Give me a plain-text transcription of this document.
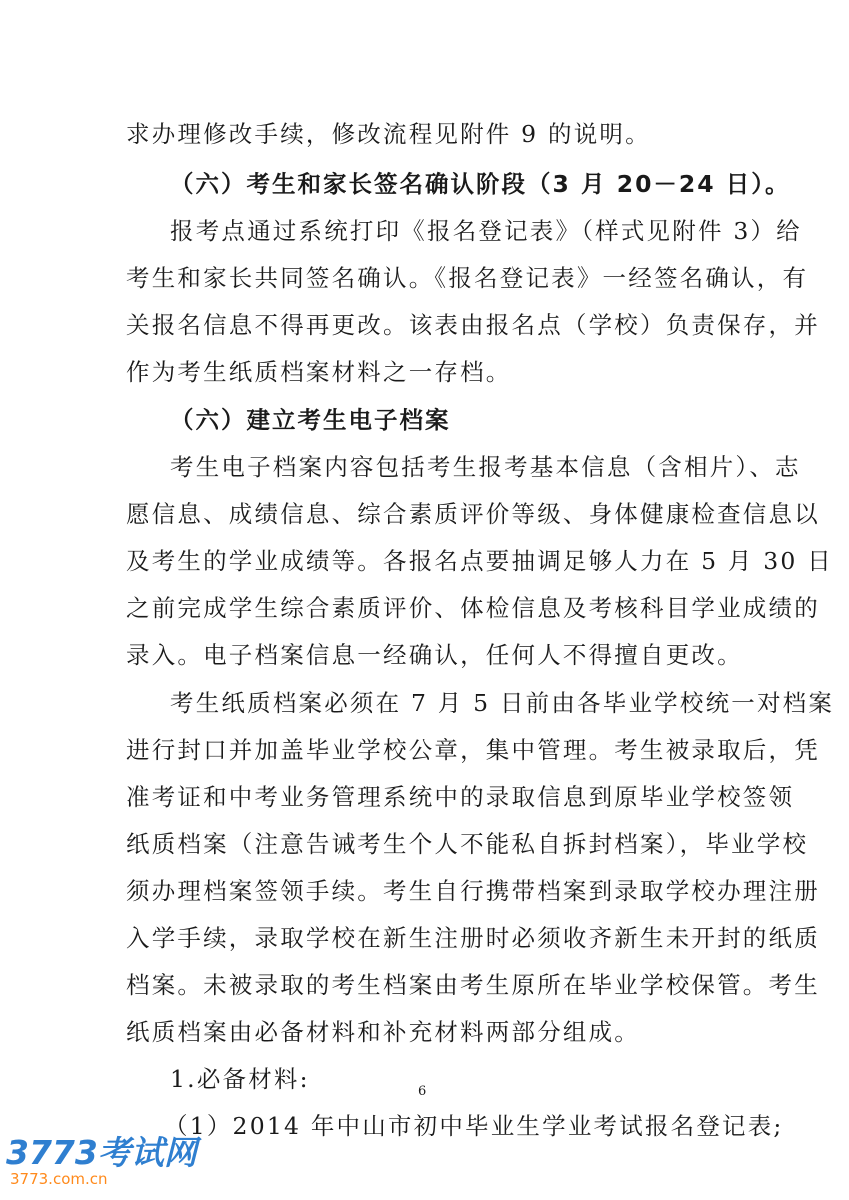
求办理修改手续，修改流程见附件 9 的说明。
（六）考生和家长签名确认阶段（3 月 20－24 日）。
报考点通过系统打印《报名登记表》（样式见附件 3）给
考生和家长共同签名确认。《报名登记表》一经签名确认，有
关报名信息不得再更改。该表由报名点（学校）负责保存，并
作为考生纸质档案材料之一存档。
（六）建立考生电子档案
考生电子档案内容包括考生报考基本信息（含相片）、志
愿信息、成绩信息、综合素质评价等级、身体健康检查信息以
及考生的学业成绩等。各报名点要抽调足够人力在 5 月 30 日
之前完成学生综合素质评价、体检信息及考核科目学业成绩的
录入。电子档案信息一经确认，任何人不得擅自更改。
考生纸质档案必须在 7 月 5 日前由各毕业学校统一对档案
进行封口并加盖毕业学校公章，集中管理。考生被录取后，凭
准考证和中考业务管理系统中的录取信息到原毕业学校签领
纸质档案（注意告诫考生个人不能私自拆封档案），毕业学校
须办理档案签领手续。考生自行携带档案到录取学校办理注册
入学手续，录取学校在新生注册时必须收齐新生未开封的纸质
档案。未被录取的考生档案由考生原所在毕业学校保管。考生
纸质档案由必备材料和补充材料两部分组成。
1.必备材料:
（1）2014 年中山市初中毕业生学业考试报名登记表;
6
3773考试网
3773.com.cn
